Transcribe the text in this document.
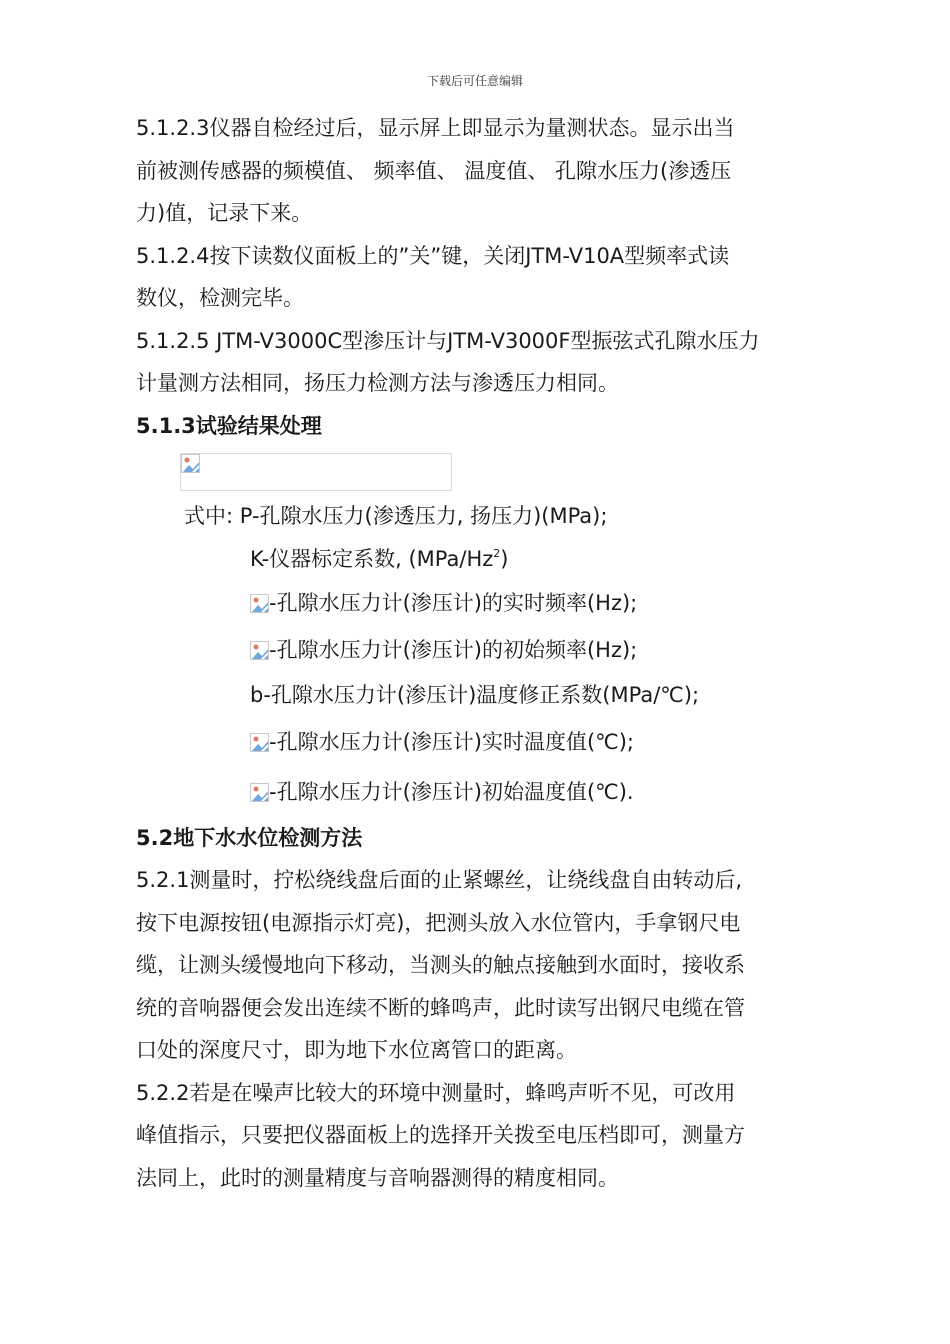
下载后可任意编辑

5.1.2.3仪器自检经过后，显示屏上即显示为量测状态。显示出当

前被测传感器的频模值、 频率值、 温度值、 孔隙水压力(渗透压

力)值，记录下来。

5.1.2.4按下读数仪面板上的”关”键，关闭JTM-V10A型频率式读

数仪，检测完毕。

5.1.2.5 JTM-V3000C型渗压计与JTM-V3000F型振弦式孔隙水压力

计量测方法相同，扬压力检测方法与渗透压力相同。

5.1.3试验结果处理

式中: P-孔隙水压力(渗透压力, 扬压力)(MPa);

K-仪器标定系数, (MPa/Hz$^2$)

-孔隙水压力计(渗压计)的实时频率(Hz);

-孔隙水压力计(渗压计)的初始频率(Hz);

b-孔隙水压力计(渗压计)温度修正系数(MPa/℃);

-孔隙水压力计(渗压计)实时温度值(℃);

-孔隙水压力计(渗压计)初始温度值(℃).

5.2地下水水位检测方法

5.2.1测量时，拧松绕线盘后面的止紧螺丝，让绕线盘自由转动后,

按下电源按钮(电源指示灯亮)，把测头放入水位管内，手拿钢尺电

缆，让测头缓慢地向下移动，当测头的触点接触到水面时，接收系

统的音响器便会发出连续不断的蜂鸣声，此时读写出钢尺电缆在管

口处的深度尺寸，即为地下水位离管口的距离。

5.2.2若是在噪声比较大的环境中测量时，蜂鸣声听不见，可改用

峰值指示，只要把仪器面板上的选择开关拨至电压档即可，测量方

法同上，此时的测量精度与音响器测得的精度相同。
